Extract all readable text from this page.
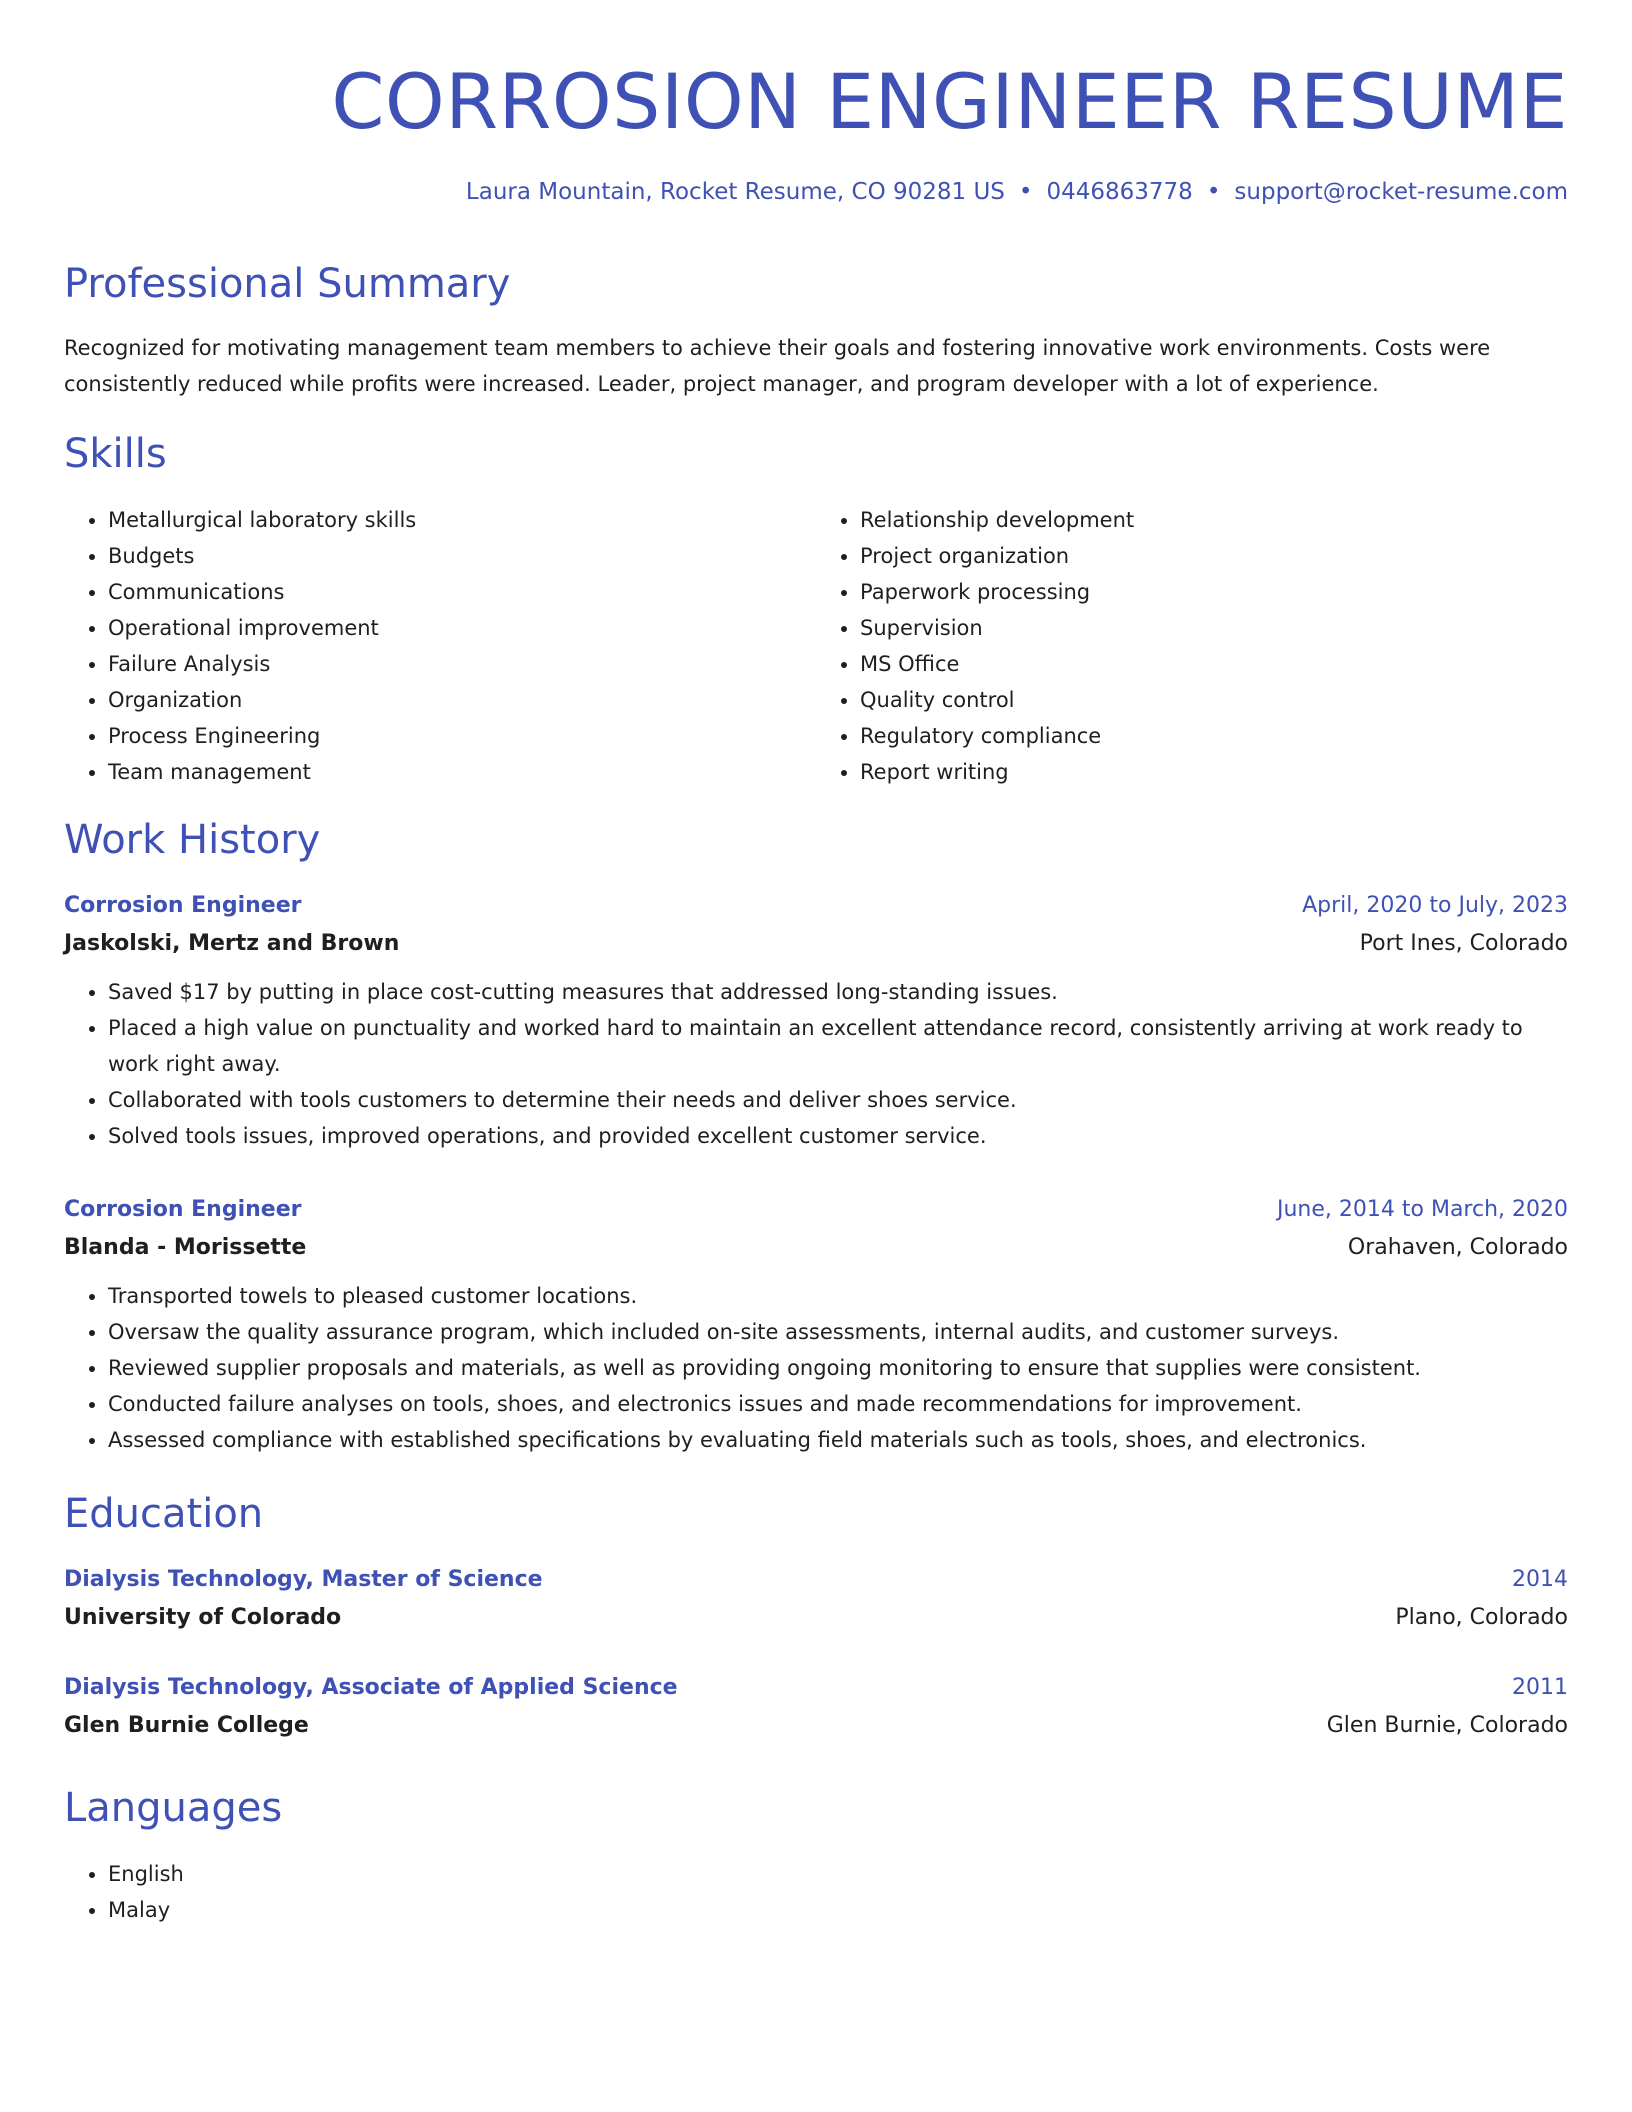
CORROSION ENGINEER RESUME
Laura Mountain, Rocket Resume, CO 90281 US • 0446863778 • support@rocket-resume.com
Professional Summary

Recognized for motivating management team members to achieve their goals and fostering innovative work environments. Costs were consistently reduced while profits were increased. Leader, project manager, and program developer with a lot of experience.

Skills
• Metallurgical laboratory skills
• Budgets
• Communications
• Operational improvement
• Failure Analysis
• Organization
• Process Engineering
• Team management
• Relationship development
• Project organization
• Paperwork processing
• Supervision
• MS Office
• Quality control
• Regulatory compliance
• Report writing
Work History
Corrosion Engineer	April, 2020 to July, 2023
Jaskolski, Mertz and Brown	Port Ines, Colorado
• Saved $17 by putting in place cost-cutting measures that addressed long-standing issues.
• Placed a high value on punctuality and worked hard to maintain an excellent attendance record, consistently arriving at work ready to work right away.
• Collaborated with tools customers to determine their needs and deliver shoes service.
• Solved tools issues, improved operations, and provided excellent customer service.
Corrosion Engineer	June, 2014 to March, 2020
Blanda - Morissette	Orahaven, Colorado
• Transported towels to pleased customer locations.
• Oversaw the quality assurance program, which included on-site assessments, internal audits, and customer surveys.
• Reviewed supplier proposals and materials, as well as providing ongoing monitoring to ensure that supplies were consistent.
• Conducted failure analyses on tools, shoes, and electronics issues and made recommendations for improvement.
• Assessed compliance with established specifications by evaluating field materials such as tools, shoes, and electronics.
Education
Dialysis Technology, Master of Science	2014
University of Colorado	Plano, Colorado
Dialysis Technology, Associate of Applied Science	2011
Glen Burnie College	Glen Burnie, Colorado
Languages
• English
• Malay
